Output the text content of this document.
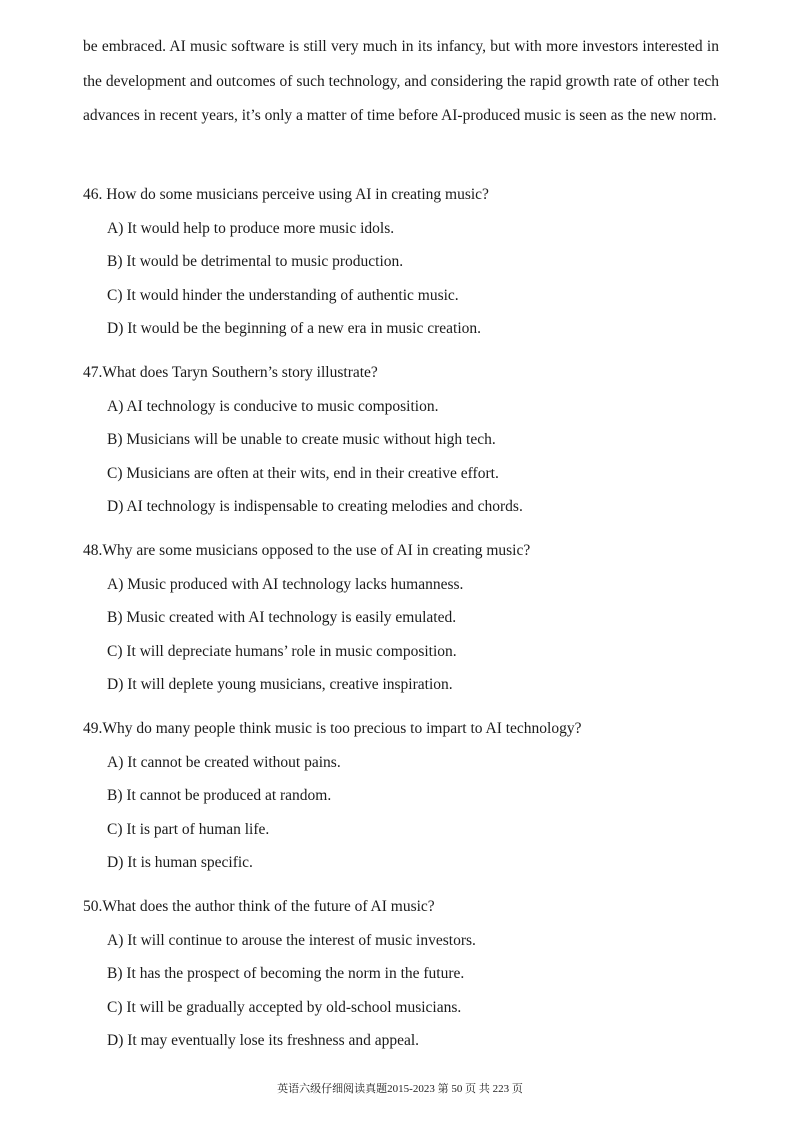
be embraced. AI music software is still very much in its infancy, but with more investors interested in the development and outcomes of such technology, and considering the rapid growth rate of other tech advances in recent years, it’s only a matter of time before AI-produced music is seen as the new norm.

46. How do some musicians perceive using AI in creating music?
A) It would help to produce more music idols.
B) It would be detrimental to music production.
C) It would hinder the understanding of authentic music.
D) It would be the beginning of a new era in music creation.
47.What does Taryn Southern’s story illustrate?
A) AI technology is conducive to music composition.
B) Musicians will be unable to create music without high tech.
C) Musicians are often at their wits, end in their creative effort.
D) AI technology is indispensable to creating melodies and chords.
48.Why are some musicians opposed to the use of AI in creating music?
A) Music produced with AI technology lacks humanness.
B) Music created with AI technology is easily emulated.
C) It will depreciate humans’ role in music composition.
D) It will deplete young musicians, creative inspiration.
49.Why do many people think music is too precious to impart to AI technology?
A) It cannot be created without pains.
B) It cannot be produced at random.
C) It is part of human life.
D) It is human specific.
50.What does the author think of the future of AI music?
A) It will continue to arouse the interest of music investors.
B) It has the prospect of becoming the norm in the future.
C) It will be gradually accepted by old-school musicians.
D) It may eventually lose its freshness and appeal.
英语六级仔细阅读真题2015-2023 第 50 页 共 223 页
